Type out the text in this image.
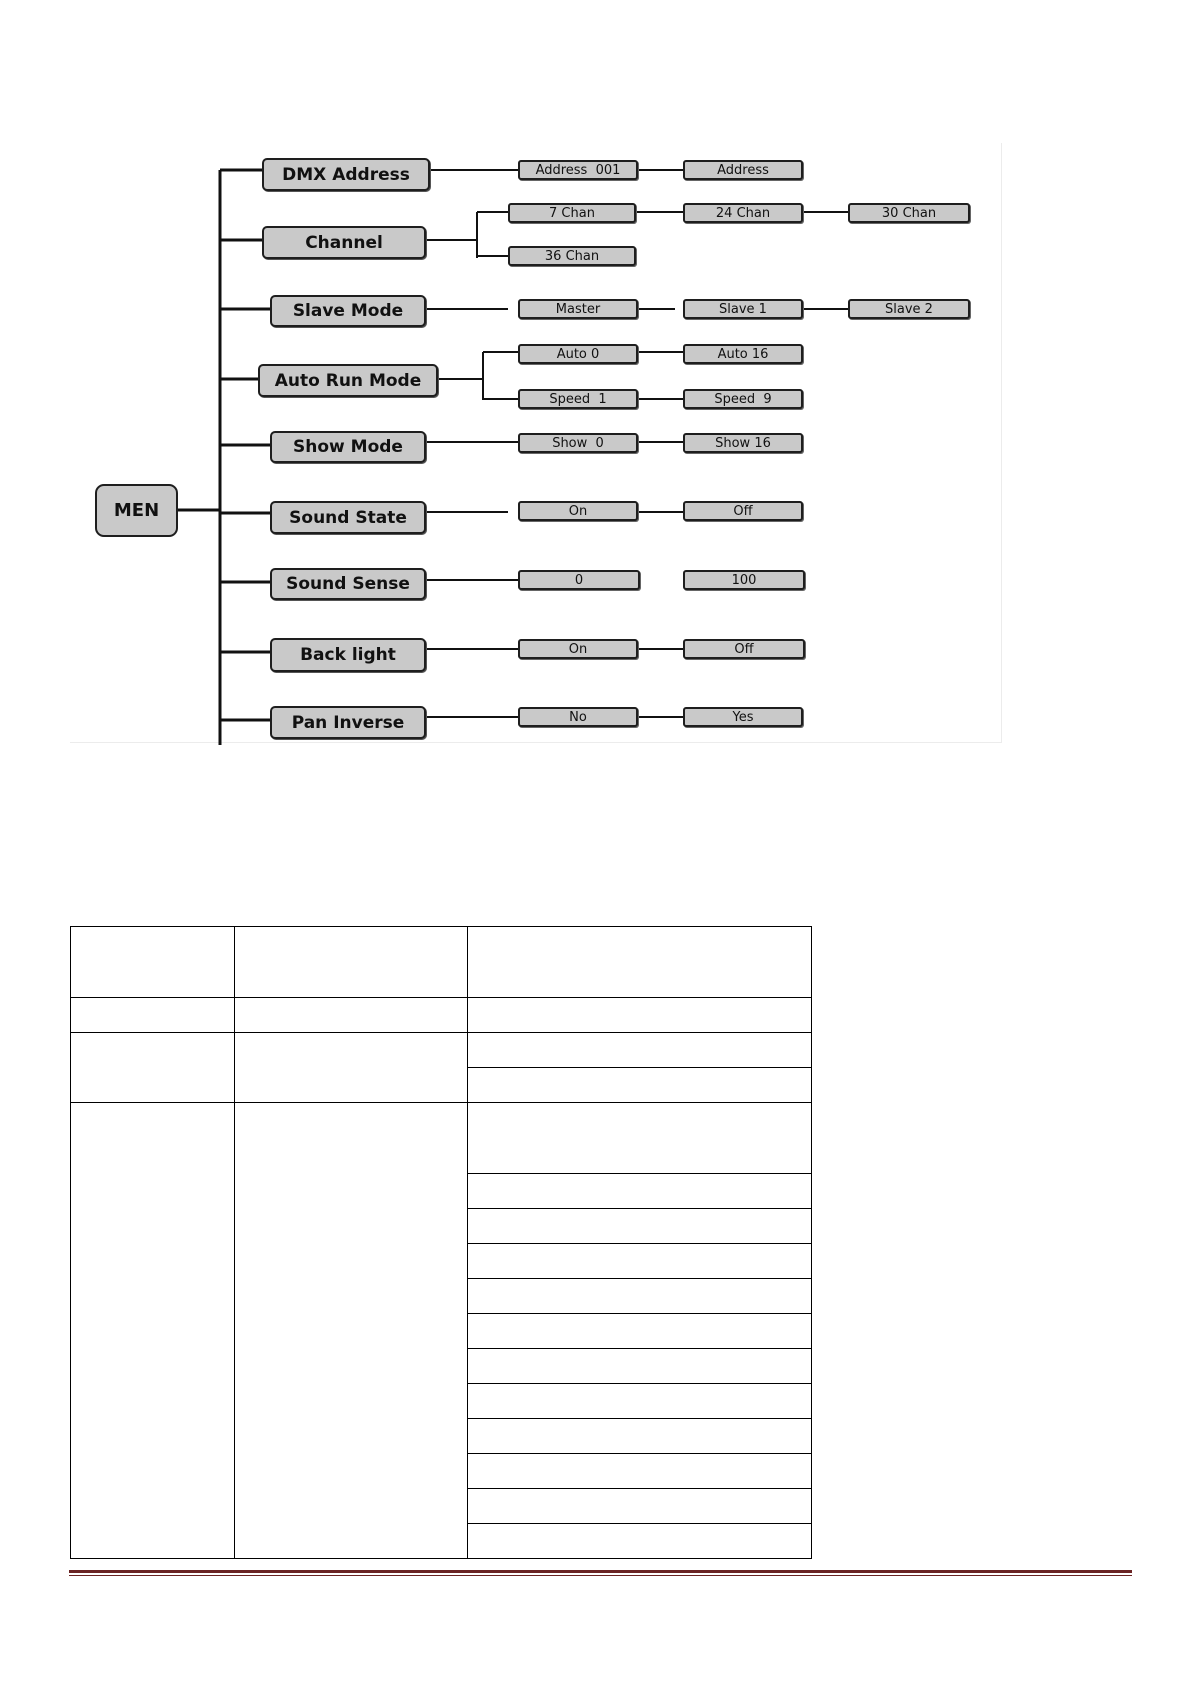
MEN
DMX Address
Channel
Slave Mode
Auto Run Mode
Show Mode
Sound State
Sound Sense
Back light
Pan Inverse
Address  001	Address
7 Chan	24 Chan	30 Chan
36 Chan
Master	Slave 1	Slave 2
Auto 0	Auto 16
Speed  1	Speed  9
Show  0	Show 16
On	Off
0	100
On	Off
No	Yes
